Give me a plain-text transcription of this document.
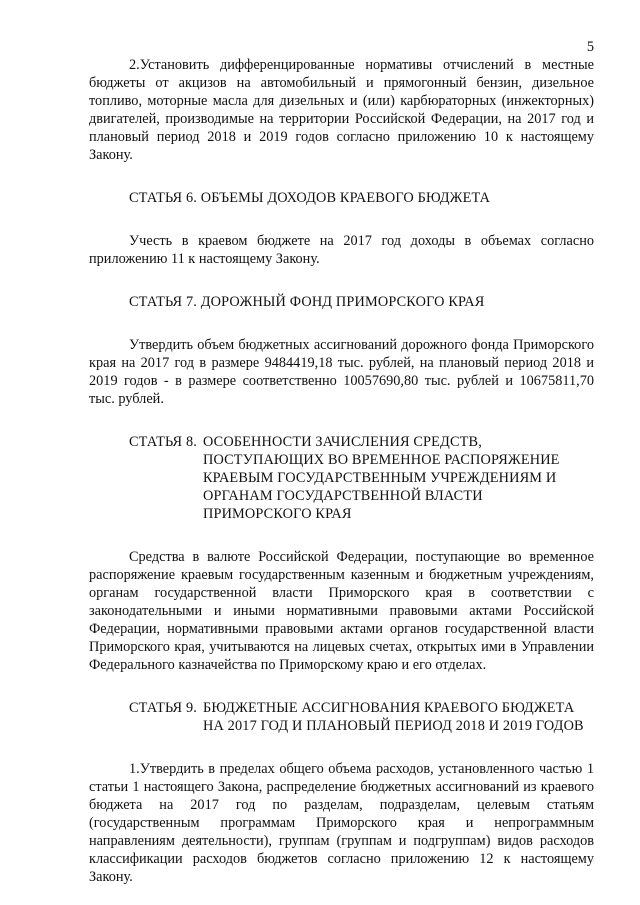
5

2.Установить дифференцированные нормативы отчислений в местные бюджеты от акцизов на автомобильный и прямогонный бензин, дизельное топливо, моторные масла для дизельных и (или) карбюраторных (инжекторных) двигателей, производимые на территории Российской Федерации, на 2017 год и плановый период 2018 и 2019 годов согласно приложению 10 к настоящему Закону.

СТАТЬЯ 6. ОБЪЕМЫ ДОХОДОВ КРАЕВОГО БЮДЖЕТА

Учесть в краевом бюджете на 2017 год доходы в объемах согласно приложению 11 к настоящему Закону.

СТАТЬЯ 7. ДОРОЖНЫЙ ФОНД ПРИМОРСКОГО КРАЯ

Утвердить объем бюджетных ассигнований дорожного фонда Приморского края на 2017 год в размере 9484419,18 тыс. рублей, на плановый период 2018 и 2019 годов - в размере соответственно 10057690,80 тыс. рублей и 10675811,70 тыс. рублей.

СТАТЬЯ 8. ОСОБЕННОСТИ ЗАЧИСЛЕНИЯ СРЕДСТВ, ПОСТУПАЮЩИХ ВО ВРЕМЕННОЕ РАСПОРЯЖЕНИЕ КРАЕВЫМ ГОСУДАРСТВЕННЫМ УЧРЕЖДЕНИЯМ И ОРГАНАМ ГОСУДАРСТВЕННОЙ ВЛАСТИ ПРИМОРСКОГО КРАЯ

Средства в валюте Российской Федерации, поступающие во временное распоряжение краевым государственным казенным и бюджетным учреждениям, органам государственной власти Приморского края в соответствии с законодательными и иными нормативными правовыми актами Российской Федерации, нормативными правовыми актами органов государственной власти Приморского края, учитываются на лицевых счетах, открытых ими в Управлении Федерального казначейства по Приморскому краю и его отделах.

СТАТЬЯ 9. БЮДЖЕТНЫЕ АССИГНОВАНИЯ КРАЕВОГО БЮДЖЕТА НА 2017 ГОД И ПЛАНОВЫЙ ПЕРИОД 2018 И 2019 ГОДОВ

1.Утвердить в пределах общего объема расходов, установленного частью 1 статьи 1 настоящего Закона, распределение бюджетных ассигнований из краевого бюджета на 2017 год по разделам, подразделам, целевым статьям (государственным программам Приморского края и непрограммным направлениям деятельности), группам (группам и подгруппам) видов расходов классификации расходов бюджетов согласно приложению 12 к настоящему Закону.
